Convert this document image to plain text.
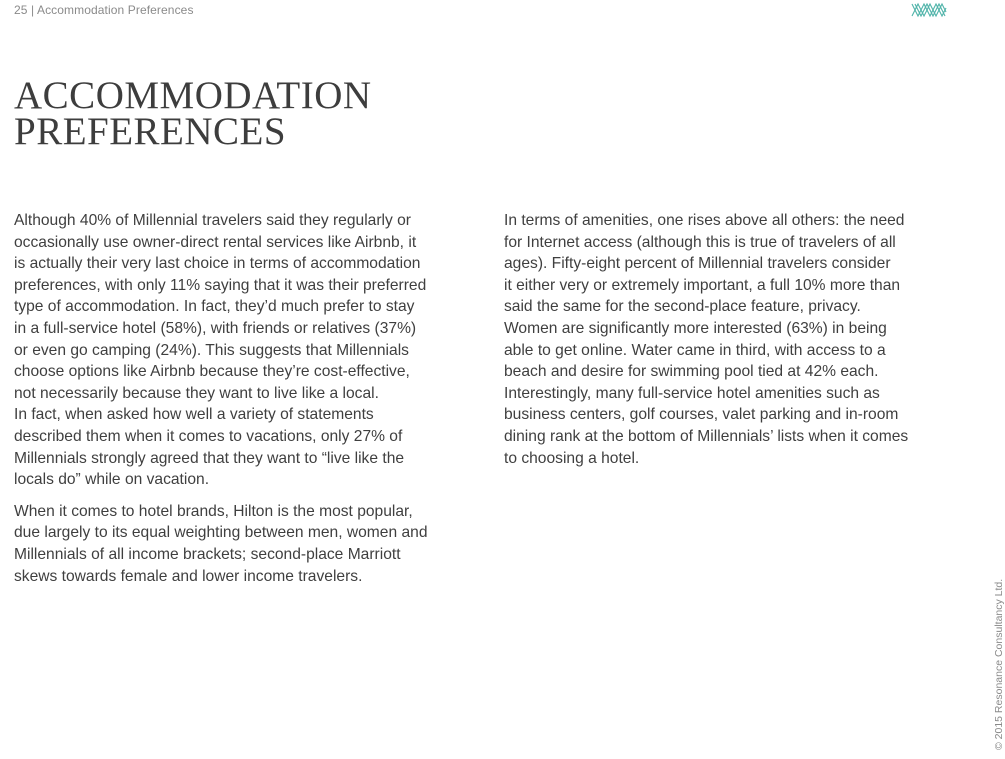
25 | Accommodation Preferences
ACCOMMODATION
PREFERENCES

Although 40% of Millennial travelers said they regularly or
occasionally use owner-direct rental services like Airbnb, it
is actually their very last choice in terms of accommodation
preferences, with only 11% saying that it was their preferred
type of accommodation. In fact, they’d much prefer to stay
in a full-service hotel (58%), with friends or relatives (37%)
or even go camping (24%). This suggests that Millennials
choose options like Airbnb because they’re cost-effective,
not necessarily because they want to live like a local.
In fact, when asked how well a variety of statements
described them when it comes to vacations, only 27% of
Millennials strongly agreed that they want to “live like the
locals do” while on vacation.

When it comes to hotel brands, Hilton is the most popular,
due largely to its equal weighting between men, women and
Millennials of all income brackets; second-place Marriott
skews towards female and lower income travelers.

In terms of amenities, one rises above all others: the need
for Internet access (although this is true of travelers of all
ages). Fifty-eight percent of Millennial travelers consider
it either very or extremely important, a full 10% more than
said the same for the second-place feature, privacy.
Women are significantly more interested (63%) in being
able to get online. Water came in third, with access to a
beach and desire for swimming pool tied at 42% each.
Interestingly, many full-service hotel amenities such as
business centers, golf courses, valet parking and in-room
dining rank at the bottom of Millennials’ lists when it comes
to choosing a hotel.

© 2015 Resonance Consultancy Ltd.
